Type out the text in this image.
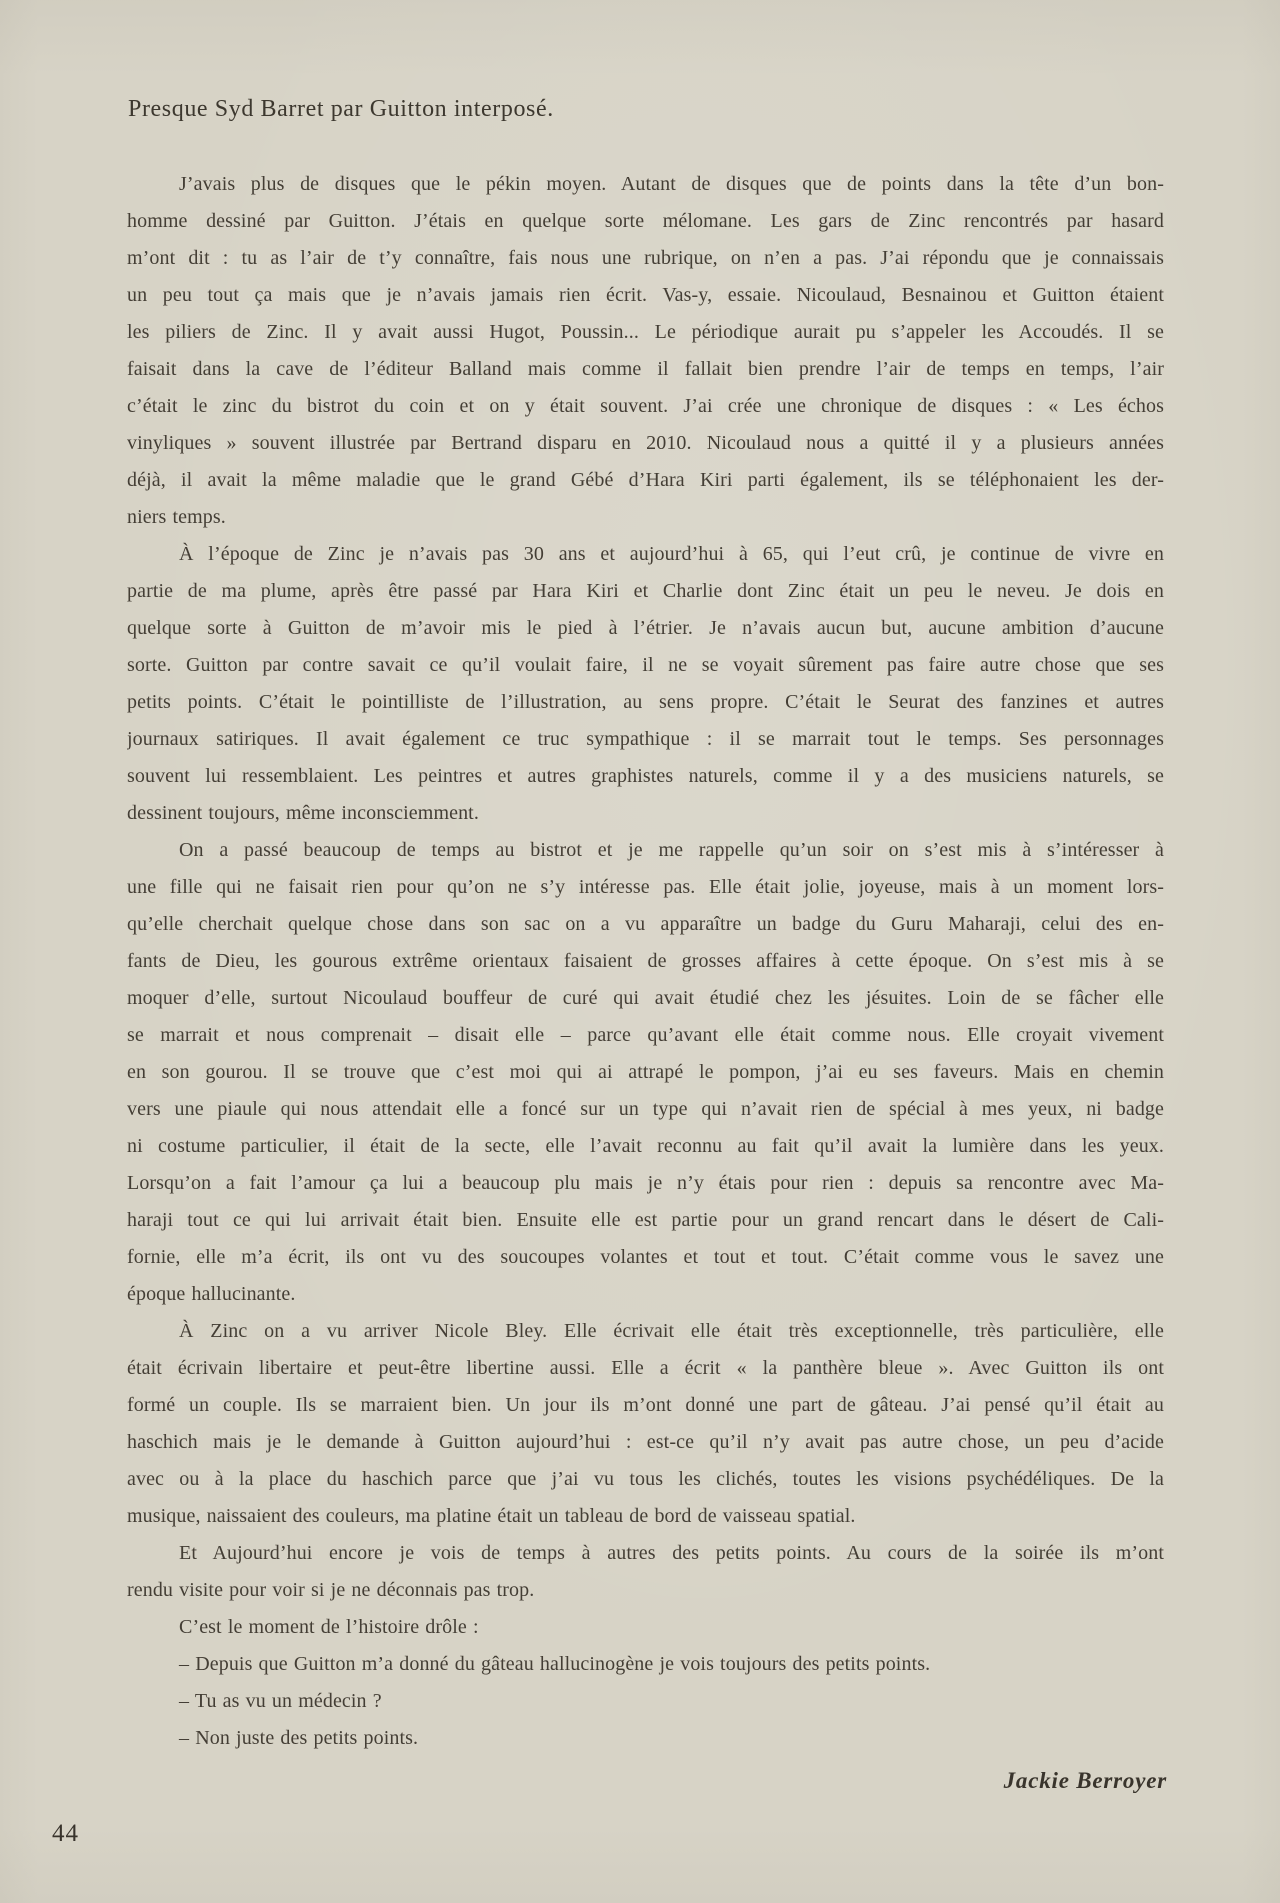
Presque Syd Barret par Guitton interposé.
J’avais plus de disques que le pékin moyen. Autant de disques que de points dans la tête d’un bon-
homme dessiné par Guitton. J’étais en quelque sorte mélomane. Les gars de Zinc rencontrés par hasard
m’ont dit : tu as l’air de t’y connaître, fais nous une rubrique, on n’en a pas. J’ai répondu que je connaissais
un peu tout ça mais que je n’avais jamais rien écrit. Vas-y, essaie. Nicoulaud, Besnainou et Guitton étaient
les piliers de Zinc. Il y avait aussi Hugot, Poussin... Le périodique aurait pu s’appeler les Accoudés. Il se
faisait dans la cave de l’éditeur Balland mais comme il fallait bien prendre l’air de temps en temps, l’air
c’était le zinc du bistrot du coin et on y était souvent. J’ai crée une chronique de disques : « Les échos
vinyliques » souvent illustrée par Bertrand disparu en 2010. Nicoulaud nous a quitté il y a plusieurs années
déjà, il avait la même maladie que le grand Gébé d’Hara Kiri parti également, ils se téléphonaient les der-
niers temps.
À l’époque de Zinc je n’avais pas 30 ans et aujourd’hui à 65, qui l’eut crû, je continue de vivre en
partie de ma plume, après être passé par Hara Kiri et Charlie dont Zinc était un peu le neveu. Je dois en
quelque sorte à Guitton de m’avoir mis le pied à l’étrier. Je n’avais aucun but, aucune ambition d’aucune
sorte. Guitton par contre savait ce qu’il voulait faire, il ne se voyait sûrement pas faire autre chose que ses
petits points. C’était le pointilliste de l’illustration, au sens propre. C’était le Seurat des fanzines et autres
journaux satiriques. Il avait également ce truc sympathique : il se marrait tout le temps. Ses personnages
souvent lui ressemblaient. Les peintres et autres graphistes naturels, comme il y a des musiciens naturels, se
dessinent toujours, même inconsciemment.
On a passé beaucoup de temps au bistrot et je me rappelle qu’un soir on s’est mis à s’intéresser à
une fille qui ne faisait rien pour qu’on ne s’y intéresse pas. Elle était jolie, joyeuse, mais à un moment lors-
qu’elle cherchait quelque chose dans son sac on a vu apparaître un badge du Guru Maharaji, celui des en-
fants de Dieu, les gourous extrême orientaux faisaient de grosses affaires à cette époque. On s’est mis à se
moquer d’elle, surtout Nicoulaud bouffeur de curé qui avait étudié chez les jésuites. Loin de se fâcher elle
se marrait et nous comprenait – disait elle – parce qu’avant elle était comme nous. Elle croyait vivement
en son gourou. Il se trouve que c’est moi qui ai attrapé le pompon, j’ai eu ses faveurs. Mais en chemin
vers une piaule qui nous attendait elle a foncé sur un type qui n’avait rien de spécial à mes yeux, ni badge
ni costume particulier, il était de la secte, elle l’avait reconnu au fait qu’il avait la lumière dans les yeux.
Lorsqu’on a fait l’amour ça lui a beaucoup plu mais je n’y étais pour rien : depuis sa rencontre avec Ma-
haraji tout ce qui lui arrivait était bien. Ensuite elle est partie pour un grand rencart dans le désert de Cali-
fornie, elle m’a écrit, ils ont vu des soucoupes volantes et tout et tout. C’était comme vous le savez une
époque hallucinante.
À Zinc on a vu arriver Nicole Bley. Elle écrivait elle était très exceptionnelle, très particulière, elle
était écrivain libertaire et peut-être libertine aussi. Elle a écrit « la panthère bleue ». Avec Guitton ils ont
formé un couple. Ils se marraient bien. Un jour ils m’ont donné une part de gâteau. J’ai pensé qu’il était au
haschich mais je le demande à Guitton aujourd’hui : est-ce qu’il n’y avait pas autre chose, un peu d’acide
avec ou à la place du haschich parce que j’ai vu tous les clichés, toutes les visions psychédéliques. De la
musique, naissaient des couleurs, ma platine était un tableau de bord de vaisseau spatial.
Et Aujourd’hui encore je vois de temps à autres des petits points. Au cours de la soirée ils m’ont
rendu visite pour voir si je ne déconnais pas trop.
C’est le moment de l’histoire drôle :
– Depuis que Guitton m’a donné du gâteau hallucinogène je vois toujours des petits points.
– Tu as vu un médecin ?
– Non juste des petits points.
Jackie Berroyer
44
